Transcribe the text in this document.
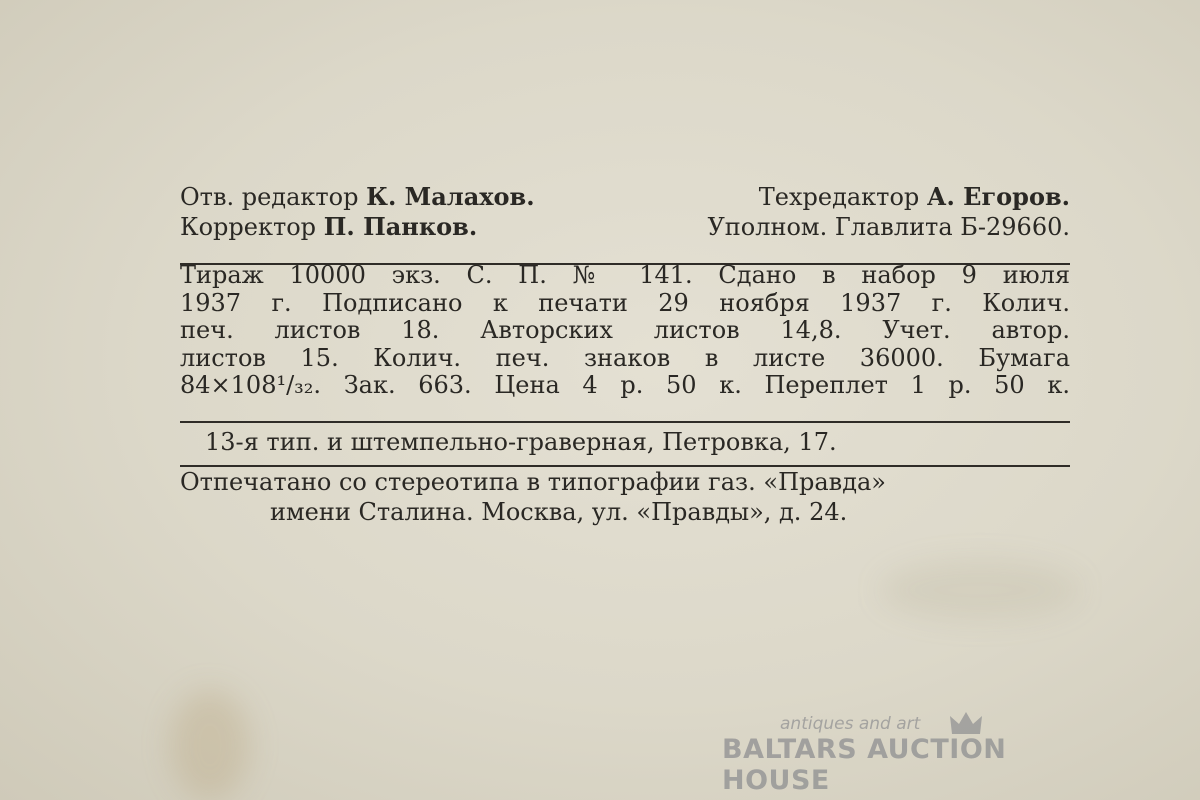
Отв. редактор К. Малахов.	Техредактор А. Егоров.
Корректор П. Панков.	Уполном. Главлита Б-29660.
Тираж 10000 экз. С. П. № 141. Сдано в набор 9 июля
1937 г. Подписано к печати 29 ноября 1937 г. Колич.
печ. листов 18. Авторских листов 14,8. Учет. автор.
листов 15. Колич. печ. знаков в листе 36000. Бумага
84×108¹/₃₂. Зак. 663. Цена 4 р. 50 к. Переплет 1 р. 50 к.
13-я тип. и штемпельно-граверная, Петровка, 17.
Отпечатано со стереотипа в типографии газ. «Правда»
имени Сталина. Москва, ул. «Правды», д. 24.
antiques and art
BALTARS AUCTION HOUSE
